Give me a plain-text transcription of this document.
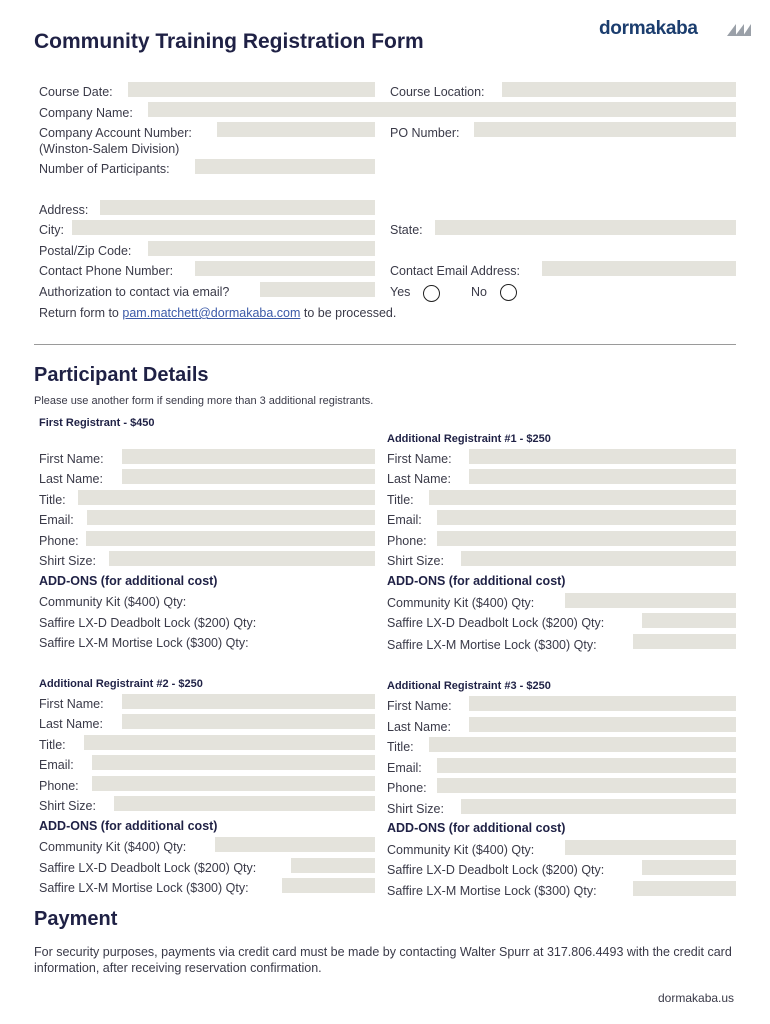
Community Training Registration Form
dormakaba
Course Date:	Course Location:
Company Name:
Company Account Number:
(Winston-Salem Division)
PO Number:
Number of Participants:
Address:
City:	State:
Postal/Zip Code:
Contact Phone Number:	Contact Email Address:
Authorization to contact via email?	Yes	No
Return form to pam.matchett@dormakaba.com to be processed.
Participant Details
Please use another form if sending more than 3 additional registrants.
First Registrant - $450
First Name:
Last Name:
Title:
Email:
Phone:
Shirt Size:
ADD-ONS (for additional cost)
Community Kit ($400) Qty:
Saffire LX-D Deadbolt Lock ($200) Qty:
Saffire LX-M Mortise Lock ($300) Qty:
Additional Registraint #1 - $250
First Name:
Last Name:
Title:
Email:
Phone:
Shirt Size:
ADD-ONS (for additional cost)
Community Kit ($400) Qty:
Saffire LX-D Deadbolt Lock ($200) Qty:
Saffire LX-M Mortise Lock ($300) Qty:
Additional Registraint #2 - $250
First Name:
Last Name:
Title:
Email:
Phone:
Shirt Size:
ADD-ONS (for additional cost)
Community Kit ($400) Qty:
Saffire LX-D Deadbolt Lock ($200) Qty:
Saffire LX-M Mortise Lock ($300) Qty:
Additional Registraint #3 - $250
First Name:
Last Name:
Title:
Email:
Phone:
Shirt Size:
ADD-ONS (for additional cost)
Community Kit ($400) Qty:
Saffire LX-D Deadbolt Lock ($200) Qty:
Saffire LX-M Mortise Lock ($300) Qty:
Payment
For security purposes, payments via credit card must be made by contacting Walter Spurr at 317.806.4493 with the credit card information, after receiving reservation confirmation.
dormakaba.us
